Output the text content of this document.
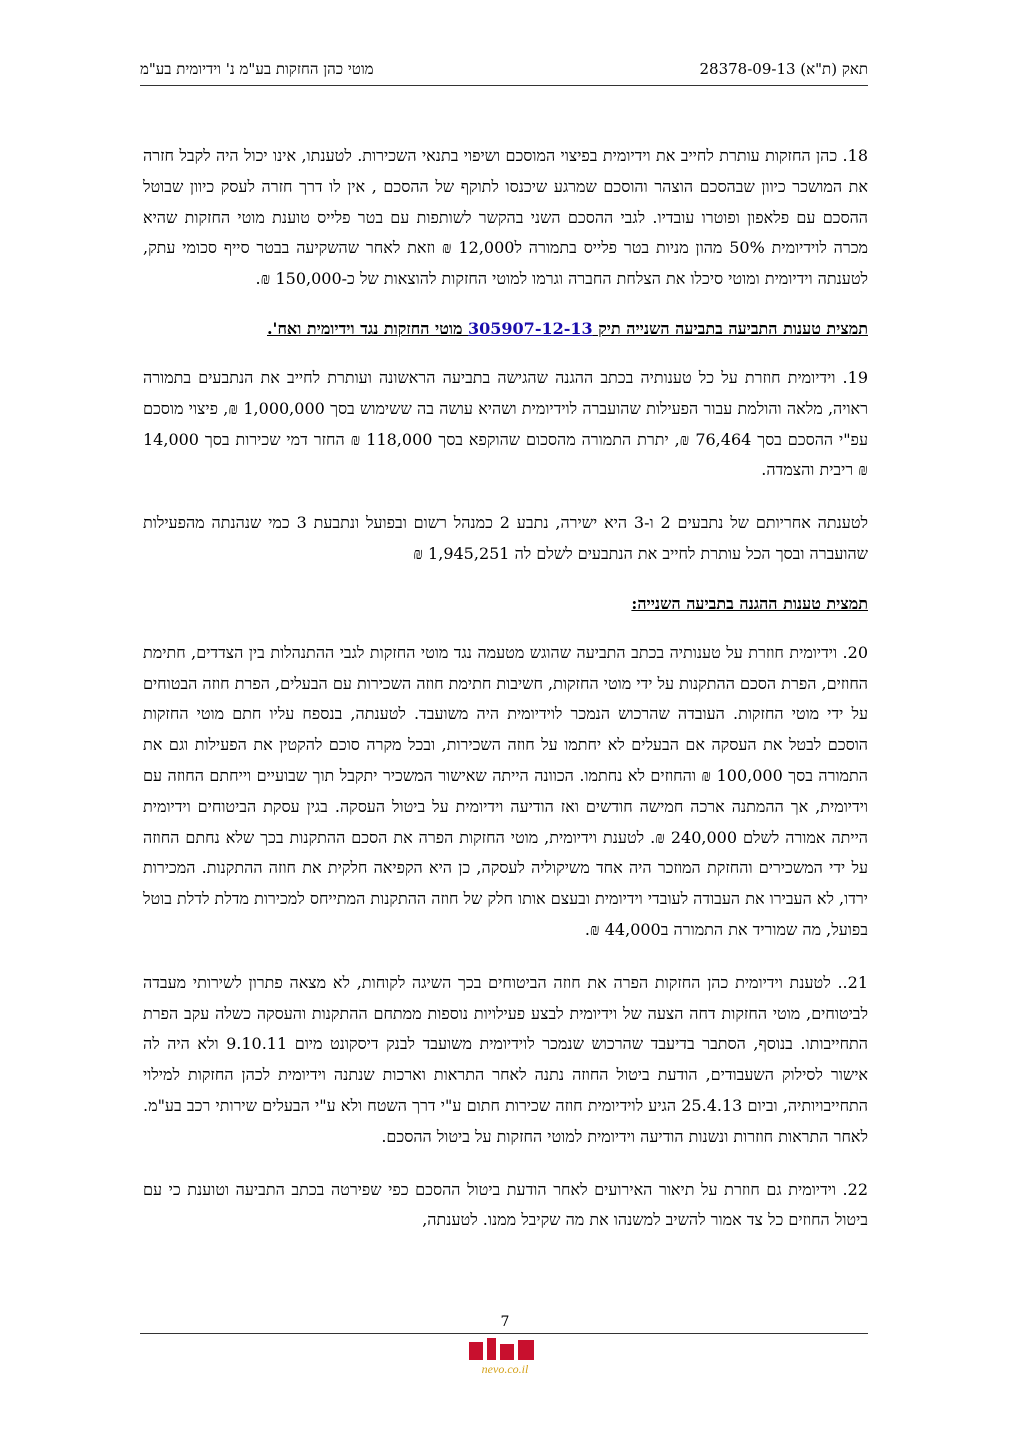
תאק (ת"א) 28378-09-13
מוטי כהן החזקות בע"מ נ' וידיומית בע"מ

18. כהן החזקות עותרת לחייב את וידיומית בפיצוי המוסכם ושיפוי בתנאי השכירות. לטענתו, אינו יכול היה לקבל חזרה את המושכר כיוון שבהסכם הוצהר והוסכם שמרגע שיכנסו לתוקף של ההסכם , אין לו דרך חזרה לעסק כיוון שבוטל ההסכם עם פלאפון ופוטרו עובדיו. לגבי ההסכם השני בהקשר לשותפות עם בטר פלייס טוענת מוטי החזקות שהיא מכרה לוידיומית 50% מהון מניות בטר פלייס בתמורה ל12,000 ₪ וזאת לאחר שהשקיעה בבטר סייף סכומי עתק, לטענתה וידיומית ומוטי סיכלו את הצלחת החברה וגרמו למוטי החזקות להוצאות של כ-150,000 ₪.

תמצית טענות התביעה בתביעה השנייה תיק 305907-12-13 מוטי החזקות נגד וידיומית ואח'.

19. וידיומית חוזרת על כל טענותיה בכתב ההגנה שהגישה בתביעה הראשונה ועותרת לחייב את הנתבעים בתמורה ראויה, מלאה והולמת עבור הפעילות שהועברה לוידיומית ושהיא עושה בה ששימוש בסך 1,000,000 ₪, פיצוי מוסכם עפ"י ההסכם בסך 76,464 ₪, יתרת התמורה מהסכום שהוקפא בסך 118,000 ₪ החזר דמי שכירות בסך 14,000 ₪ ריבית והצמדה.

לטענתה אחריותם של נתבעים 2 ו-3 היא ישירה, נתבע 2 כמנהל רשום ובפועל ונתבעת 3 כמי שנהנתה מהפעילות שהועברה ובסך הכל עותרת לחייב את הנתבעים לשלם לה 1,945,251 ₪

תמצית טענות ההגנה בתביעה השנייה:

20. וידיומית חוזרת על טענותיה בכתב התביעה שהוגש מטעמה נגד מוטי החזקות לגבי ההתנהלות בין הצדדים, חתימת החוזים, הפרת הסכם ההתקנות על ידי מוטי החזקות, חשיבות חתימת חוזה השכירות עם הבעלים, הפרת חוזה הבטוחים על ידי מוטי החזקות. העובדה שהרכוש הנמכר לוידיומית היה משועבד. לטענתה, בנספח עליו חתם מוטי החזקות הוסכם לבטל את העסקה אם הבעלים לא יחתמו על חוזה השכירות, ובכל מקרה סוכם להקטין את הפעילות וגם את התמורה בסך 100,000 ₪ והחוזים לא נחתמו. הכוונה הייתה שאישור המשכיר יתקבל תוך שבועיים וייחתם החוזה עם וידיומית, אך ההמתנה ארכה חמישה חודשים ואז הודיעה וידיומית על ביטול העסקה. בגין עסקת הביטוחים וידיומית הייתה אמורה לשלם 240,000 ₪. לטענת וידיומית, מוטי החזקות הפרה את הסכם ההתקנות בכך שלא נחתם החוזה על ידי המשכירים והחזקת המוזכר היה אחד משיקוליה לעסקה, כן היא הקפיאה חלקית את חוזה ההתקנות. המכירות ירדו, לא העבירו את העבודה לעובדי וידיומית ובעצם אותו חלק של חוזה ההתקנות המתייחס למכירות מדלת לדלת בוטל בפועל, מה שמוריד את התמורה ב44,000 ₪.

21.. לטענת וידיומית כהן החזקות הפרה את חוזה הביטוחים בכך השיגה לקוחות, לא מצאה פתרון לשירותי מעבדה לביטוחים, מוטי החזקות דחה הצעה של וידיומית לבצע פעילויות נוספות ממתחם ההתקנות והעסקה כשלה עקב הפרת התחייבותו. בנוסף, הסתבר בדיעבד שהרכוש שנמכר לוידיומית משועבד לבנק דיסקונט מיום 9.10.11 ולא היה לה אישור לסילוק השעבודים, הודעת ביטול החוזה נתנה לאחר התראות וארכות שנתנה וידיומית לכהן החזקות למילוי התחייבויותיה, וביום 25.4.13 הגיע לוידיומית חוזה שכירות חתום ע"י דרך השטח ולא ע"י הבעלים שירותי רכב בע"מ. לאחר התראות חוזרות ונשנות הודיעה וידיומית למוטי החזקות על ביטול ההסכם.

22. וידיומית גם חוזרת על תיאור האירועים לאחר הודעת ביטול ההסכם כפי שפירטה בכתב התביעה וטוענת כי עם ביטול החוזים כל צד אמור להשיב למשנהו את מה שקיבל ממנו. לטענתה,

7
nevo.co.il
